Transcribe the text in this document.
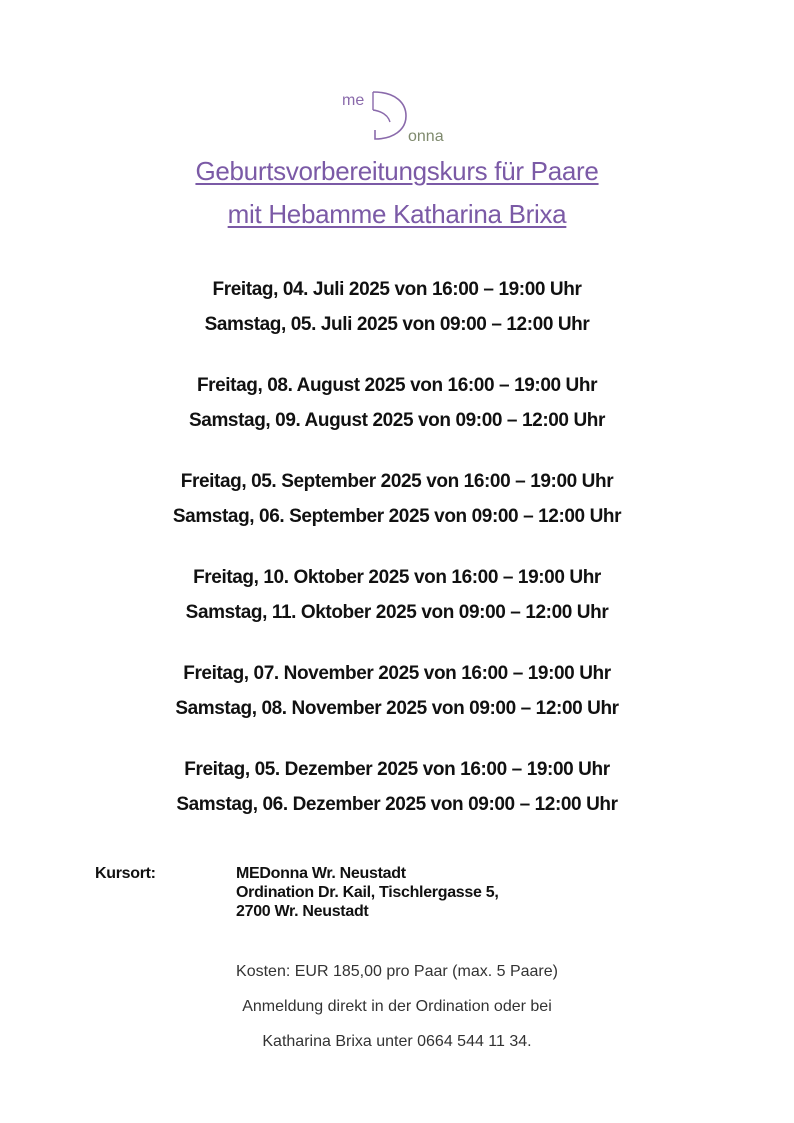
me
onna
Geburtsvorbereitungskurs für Paare
mit Hebamme Katharina Brixa
Freitag, 04. Juli 2025 von 16:00 – 19:00 Uhr
Samstag, 05. Juli 2025 von 09:00 – 12:00 Uhr
Freitag, 08. August 2025 von 16:00 – 19:00 Uhr
Samstag, 09. August 2025 von 09:00 – 12:00 Uhr
Freitag, 05. September 2025 von 16:00 – 19:00 Uhr
Samstag, 06. September 2025 von 09:00 – 12:00 Uhr
Freitag, 10. Oktober 2025 von 16:00 – 19:00 Uhr
Samstag, 11. Oktober 2025 von 09:00 – 12:00 Uhr
Freitag, 07. November 2025 von 16:00 – 19:00 Uhr
Samstag, 08. November 2025 von 09:00 – 12:00 Uhr
Freitag, 05. Dezember 2025 von 16:00 – 19:00 Uhr
Samstag, 06. Dezember 2025 von 09:00 – 12:00 Uhr
Kursort:	MEDonna Wr. Neustadt
Ordination Dr. Kail, Tischlergasse 5,
2700 Wr. Neustadt
Kosten: EUR 185,00 pro Paar (max. 5 Paare)
Anmeldung direkt in der Ordination oder bei
Katharina Brixa unter 0664 544 11 34.
